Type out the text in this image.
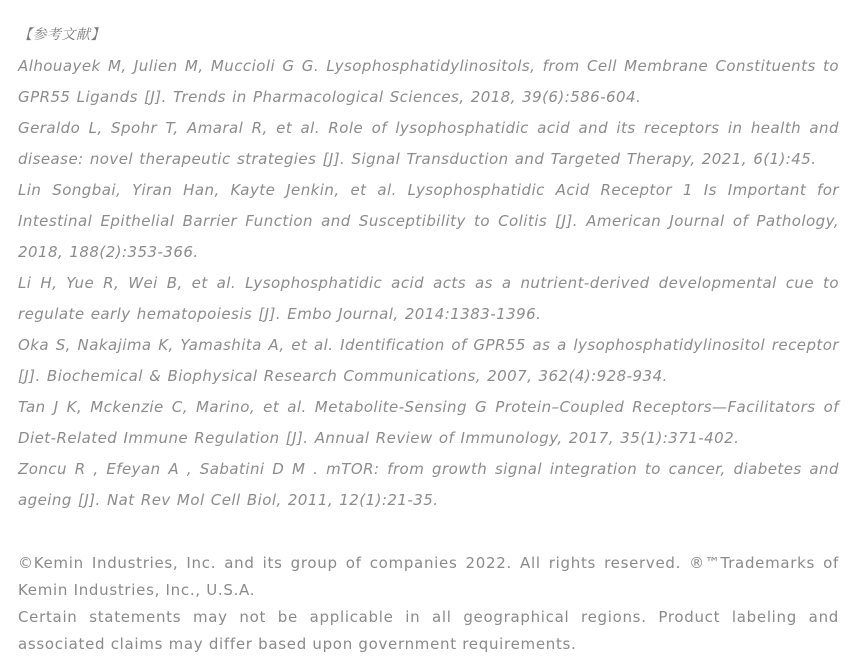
【参考文献】
Alhouayek M, Julien M, Muccioli G G. Lysophosphatidylinositols, from Cell Membrane Constituents to GPR55 Ligands [J]. Trends in Pharmacological Sciences, 2018, 39(6):586-604.
Geraldo L, Spohr T, Amaral R, et al. Role of lysophosphatidic acid and its receptors in health and disease: novel therapeutic strategies [J]. Signal Transduction and Targeted Therapy, 2021, 6(1):45.
Lin Songbai, Yiran Han, Kayte Jenkin, et al. Lysophosphatidic Acid Receptor 1 Is Important for Intestinal Epithelial Barrier Function and Susceptibility to Colitis [J]. American Journal of Pathology, 2018, 188(2):353-366.
Li H, Yue R, Wei B, et al. Lysophosphatidic acid acts as a nutrient-derived developmental cue to regulate early hematopoiesis [J]. Embo Journal, 2014:1383-1396.
Oka S, Nakajima K, Yamashita A, et al. Identification of GPR55 as a lysophosphatidylinositol receptor [J]. Biochemical & Biophysical Research Communications, 2007, 362(4):928-934.
Tan J K, Mckenzie C, Marino, et al. Metabolite-Sensing G Protein–Coupled Receptors—Facilitators of Diet-Related Immune Regulation [J]. Annual Review of Immunology, 2017, 35(1):371-402.
Zoncu R , Efeyan A , Sabatini D M . mTOR: from growth signal integration to cancer, diabetes and ageing [J]. Nat Rev Mol Cell Biol, 2011, 12(1):21-35.

©Kemin Industries, Inc. and its group of companies 2022. All rights reserved. ®™Trademarks of Kemin Industries, Inc., U.S.A.

Certain statements may not be applicable in all geographical regions. Product labeling and associated claims may differ based upon government requirements.
